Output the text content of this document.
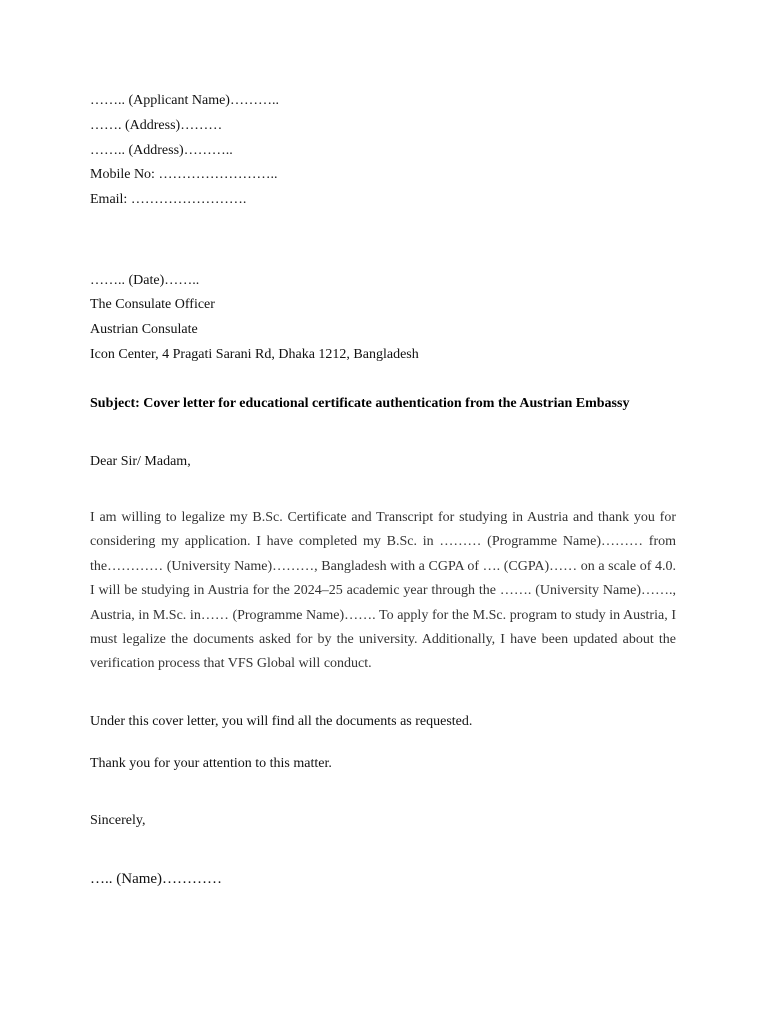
…….. (Applicant Name)………..
……. (Address)………
…….. (Address)………..
Mobile No: ……………………..
Email: …………………….
…….. (Date)……..
The Consulate Officer
Austrian Consulate
Icon Center, 4 Pragati Sarani Rd, Dhaka 1212, Bangladesh
Subject: Cover letter for educational certificate authentication from the Austrian Embassy
Dear Sir/ Madam,
I am willing to legalize my B.Sc. Certificate and Transcript for studying in Austria and thank you for considering my application. I have completed my B.Sc. in ……… (Programme Name)……… from the………… (University Name)………, Bangladesh with a CGPA of …. (CGPA)…… on a scale of 4.0. I will be studying in Austria for the 2024–25 academic year through the ……. (University Name)……., Austria, in M.Sc. in…… (Programme Name)……. To apply for the M.Sc. program to study in Austria, I must legalize the documents asked for by the university. Additionally, I have been updated about the verification process that VFS Global will conduct.
Under this cover letter, you will find all the documents as requested.
Thank you for your attention to this matter.
Sincerely,
….. (Name)…………
